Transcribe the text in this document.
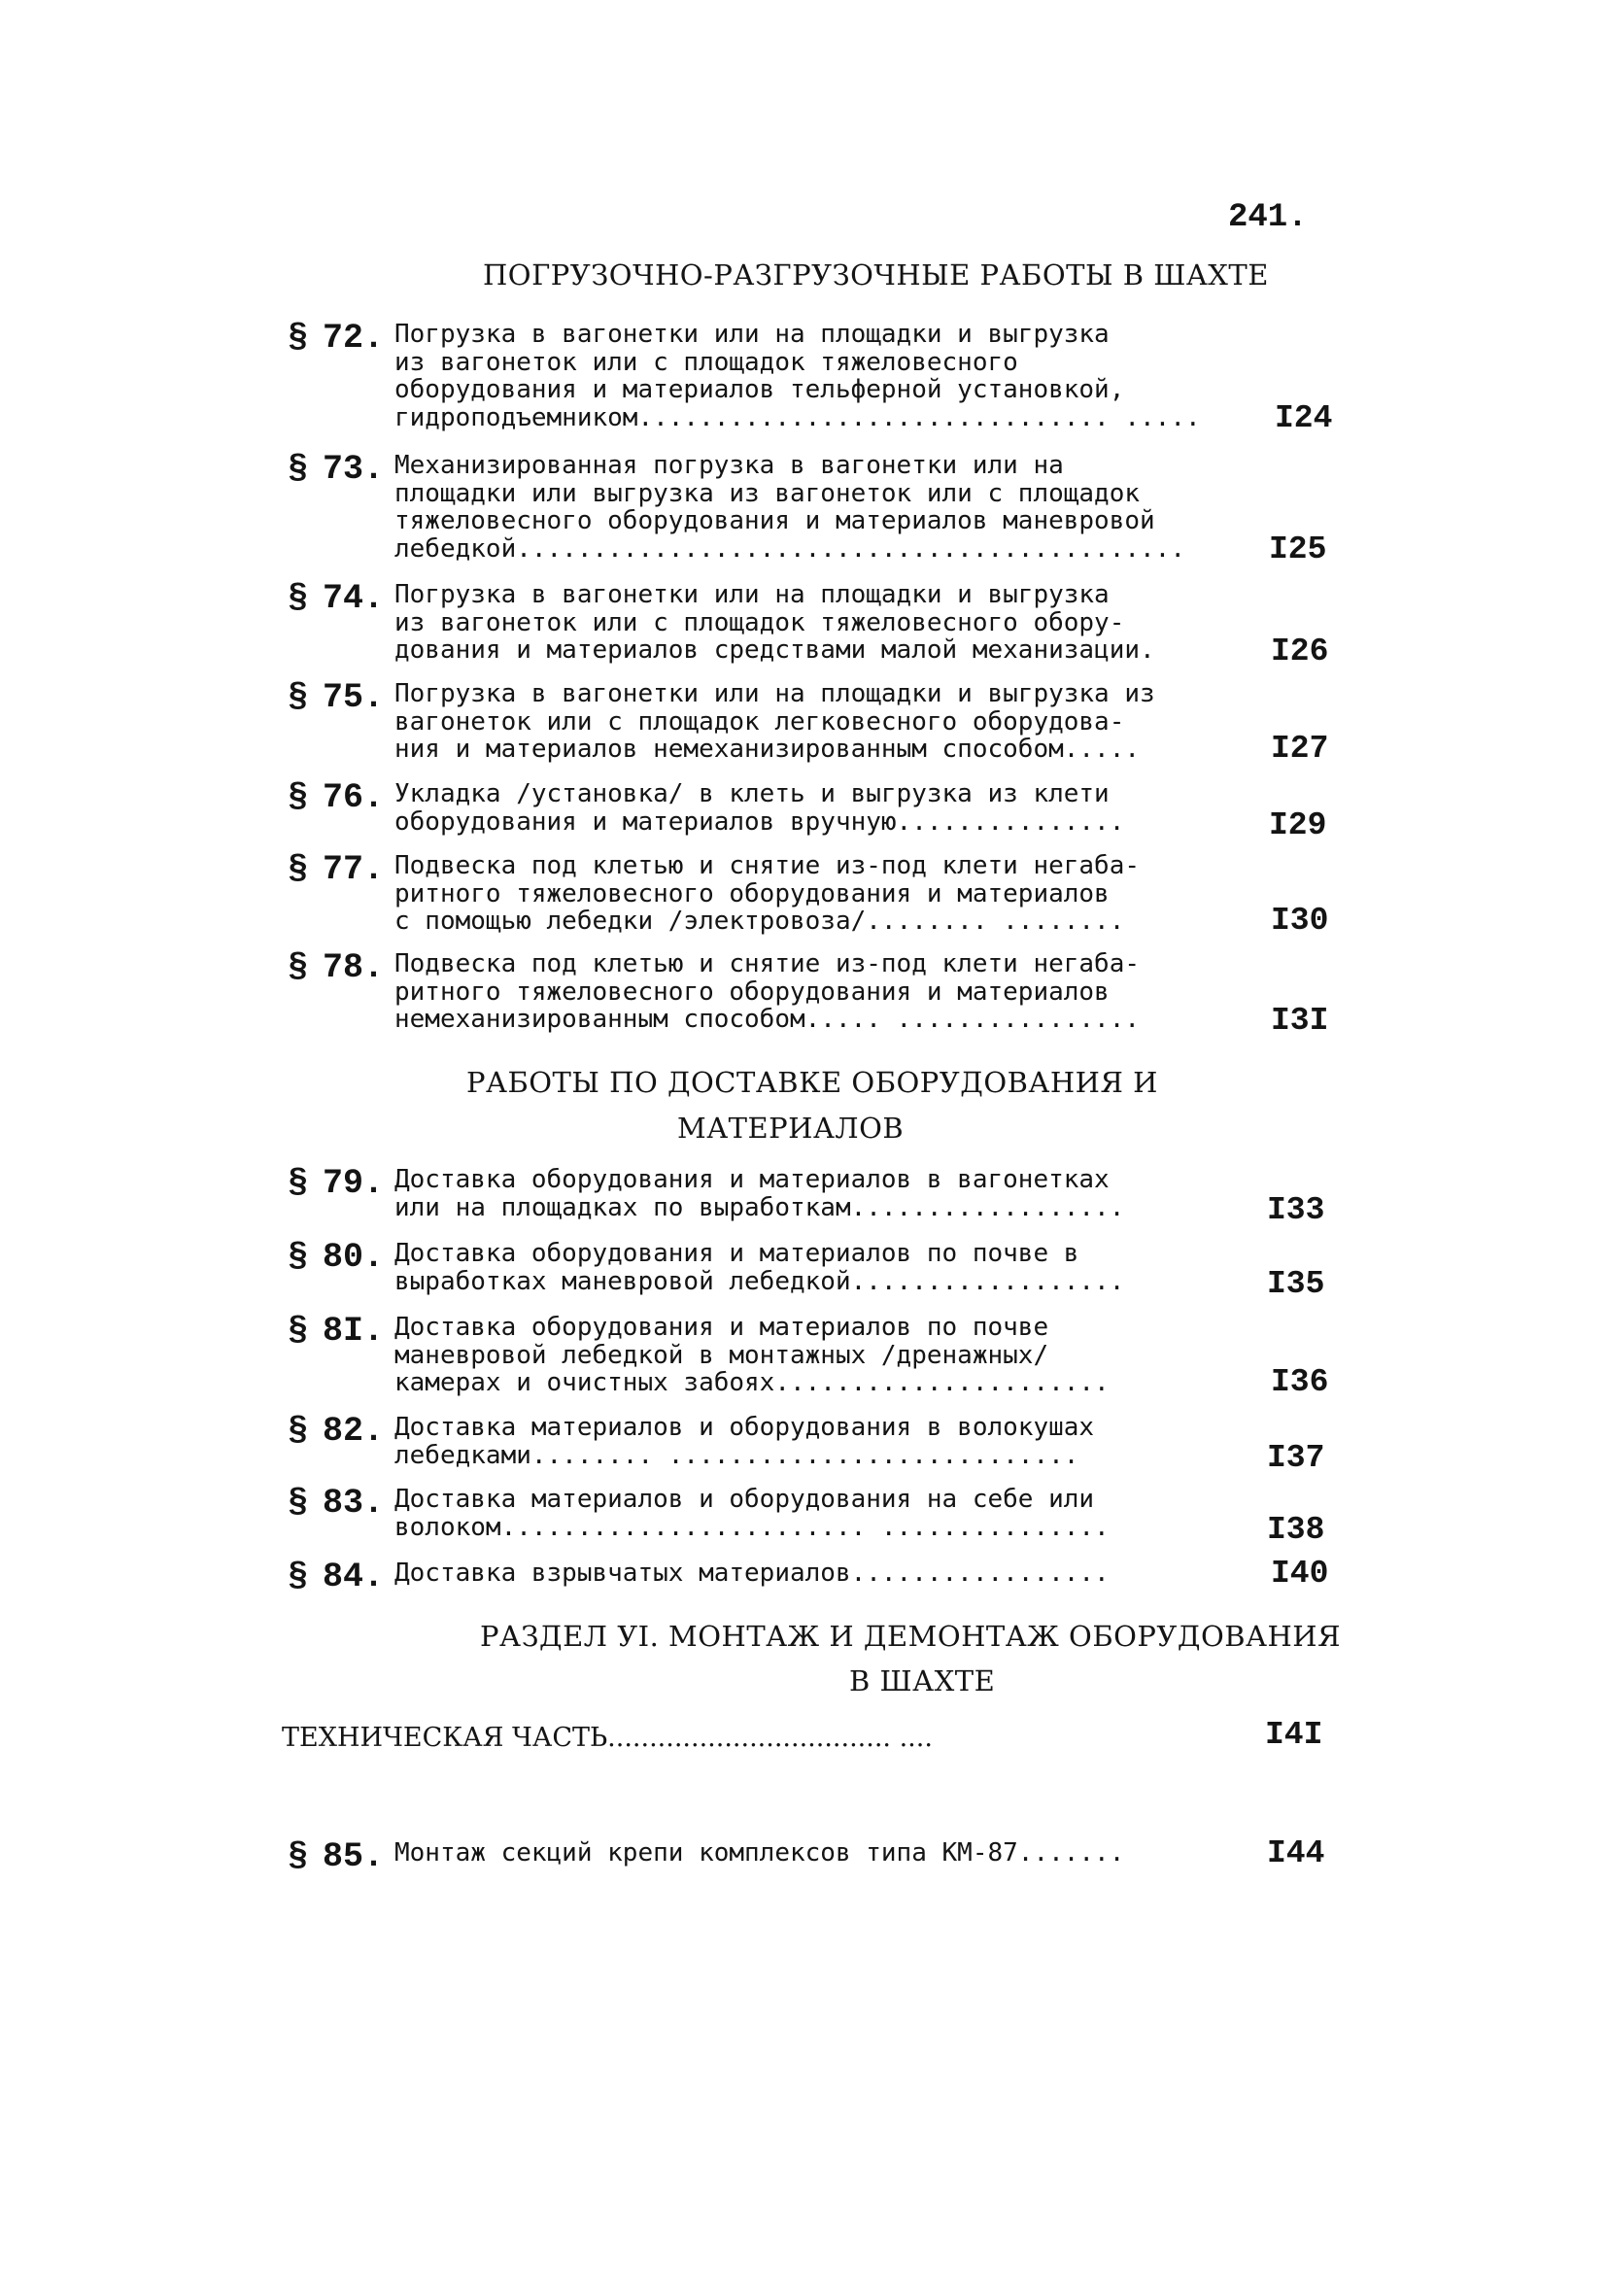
241.
ПОГРУЗОЧНО-РАЗГРУЗОЧНЫЕ РАБОТЫ В ШАХТЕ
РАБОТЫ ПО ДОСТАВКЕ ОБОРУДОВАНИЯ И
МАТЕРИАЛОВ
РАЗДЕЛ УI. МОНТАЖ И ДЕМОНТАЖ ОБОРУДОВАНИЯ
В ШАХТЕ
§ 72. Погрузка в вагонетки или на площадки и выгрузка
из вагонеток или с площадок тяжеловесного
оборудования и материалов тельферной установкой,
гидроподъемником............................... .....	I24
§ 73. Механизированная погрузка в вагонетки или на
площадки или выгрузка из вагонеток или с площадок
тяжеловесного оборудования и материалов маневровой
лебедкой............................................	I25
§ 74. Погрузка в вагонетки или на площадки и выгрузка
из вагонеток или с площадок тяжеловесного обору-
дования и материалов средствами малой механизации.	I26
§ 75. Погрузка в вагонетки или на площадки и выгрузка из
вагонеток или с площадок легковесного оборудова-
ния и материалов немеханизированным способом.....	I27
§ 76. Укладка /установка/ в клеть и выгрузка из клети
оборудования и материалов вручную...............	I29
§ 77. Подвеска под клетью и снятие из-под клети негаба-
ритного тяжеловесного оборудования и материалов
с помощью лебедки /электровоза/........ ........	I30
§ 78. Подвеска под клетью и снятие из-под клети негаба-
ритного тяжеловесного оборудования и материалов
немеханизированным способом..... ................	I3I
§ 79. Доставка оборудования и материалов в вагонетках
или на площадках по выработкам..................	I33
§ 80. Доставка оборудования и материалов по почве в
выработках маневровой лебедкой..................	I35
§ 8I. Доставка оборудования и материалов по почве
маневровой лебедкой в монтажных /дренажных/
камерах и очистных забоях......................	I36
§ 82. Доставка материалов и оборудования в волокушах
лебедками........ ...........................	I37
§ 83. Доставка материалов и оборудования на себе или
волоком........................ ...............	I38
§ 84. Доставка взрывчатых материалов.................	I40
ТЕХНИЧЕСКАЯ ЧАСТЬ.................................. ....	I4I
§ 85. Монтаж секций крепи комплексов типа КМ-87.......	I44
